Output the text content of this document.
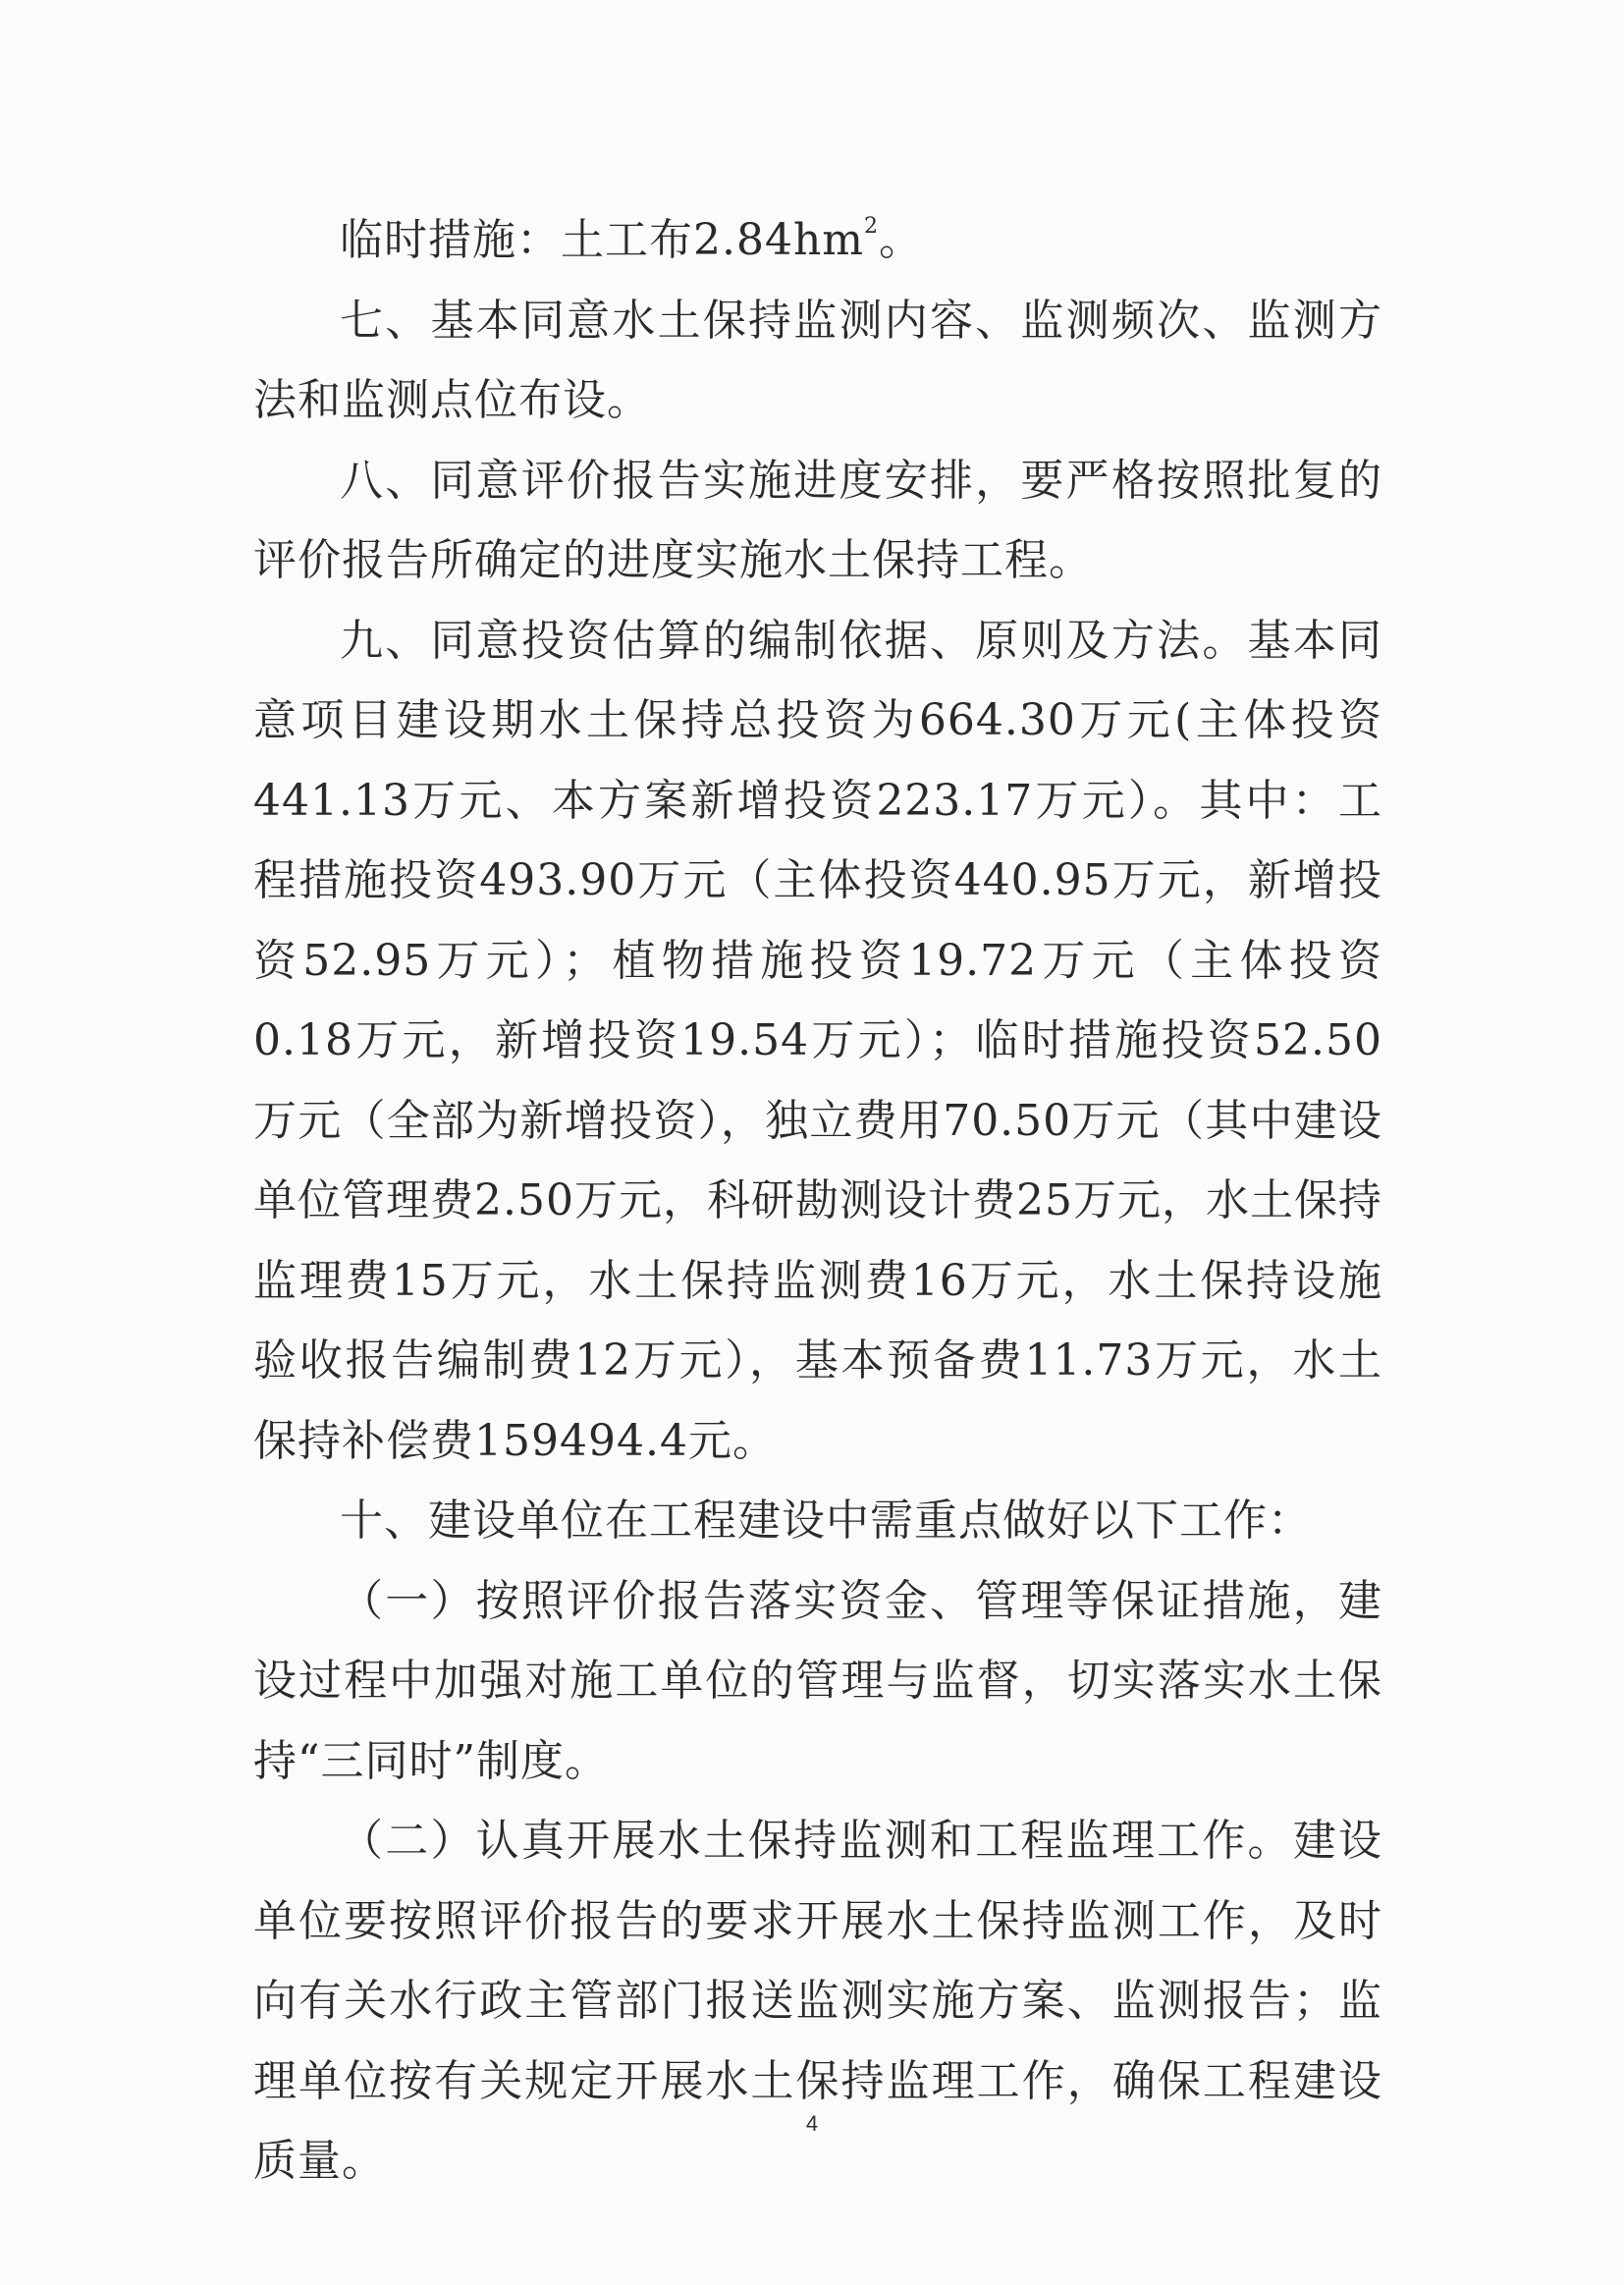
临时措施：土工布$2.84hm^2$。

七、基本同意水土保持监测内容、监测频次、监测方法和监测点位布设。

八、同意评价报告实施进度安排，要严格按照批复的评价报告所确定的进度实施水土保持工程。

九、同意投资估算的编制依据、原则及方法。基本同意项目建设期水土保持总投资为664.30万元(主体投资441.13万元、本方案新增投资223.17万元）。其中：工程措施投资493.90万元（主体投资440.95万元，新增投资52.95万元）；植物措施投资19.72万元（主体投资0.18万元，新增投资19.54万元）；临时措施投资52.50万元（全部为新增投资），独立费用70.50万元（其中建设单位管理费2.50万元，科研勘测设计费25万元，水土保持监理费15万元，水土保持监测费16万元，水土保持设施验收报告编制费12万元），基本预备费11.73万元，水土保持补偿费159494.4元。

十、建设单位在工程建设中需重点做好以下工作：

（一）按照评价报告落实资金、管理等保证措施，建设过程中加强对施工单位的管理与监督，切实落实水土保持“三同时”制度。

（二）认真开展水土保持监测和工程监理工作。建设单位要按照评价报告的要求开展水土保持监测工作，及时向有关水行政主管部门报送监测实施方案、监测报告；监理单位按有关规定开展水土保持监理工作，确保工程建设质量。

4
